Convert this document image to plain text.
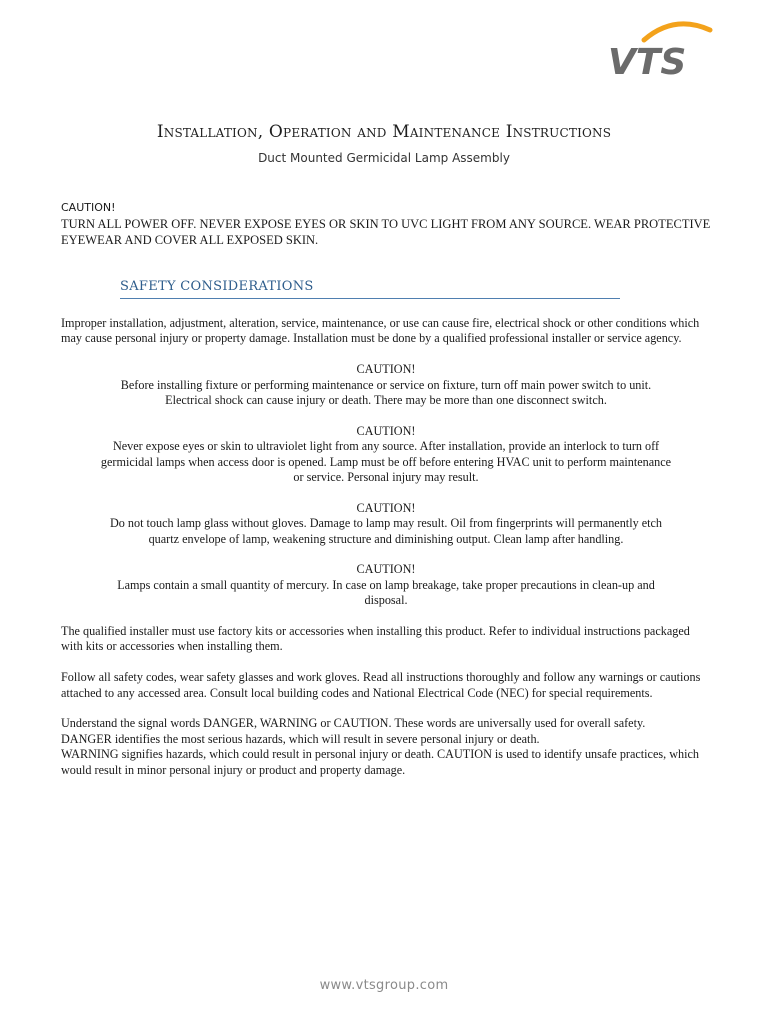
VTS
Installation, Operation and Maintenance Instructions
Duct Mounted Germicidal Lamp Assembly
CAUTION!
TURN ALL POWER OFF. NEVER EXPOSE EYES OR SKIN TO UVC LIGHT FROM ANY SOURCE. WEAR PROTECTIVE
EYEWEAR AND COVER ALL EXPOSED SKIN.
SAFETY CONSIDERATIONS

Improper installation, adjustment, alteration, service, maintenance, or use can cause fire, electrical shock or other conditions which may cause personal injury or property damage. Installation must be done by a qualified professional installer or service agency.

CAUTION!

Before installing fixture or performing maintenance or service on fixture, turn off main power switch to unit.

Electrical shock can cause injury or death. There may be more than one disconnect switch.

CAUTION!

Never expose eyes or skin to ultraviolet light from any source. After installation, provide an interlock to turn off

germicidal lamps when access door is opened. Lamp must be off before entering HVAC unit to perform maintenance

or service. Personal injury may result.

CAUTION!

Do not touch lamp glass without gloves. Damage to lamp may result. Oil from fingerprints will permanently etch

quartz envelope of lamp, weakening structure and diminishing output. Clean lamp after handling.

CAUTION!

Lamps contain a small quantity of mercury. In case on lamp breakage, take proper precautions in clean-up and

disposal.

The qualified installer must use factory kits or accessories when installing this product. Refer to individual instructions packaged with kits or accessories when installing them.

Follow all safety codes, wear safety glasses and work gloves. Read all instructions thoroughly and follow any warnings or cautions attached to any accessed area. Consult local building codes and National Electrical Code (NEC) for special requirements.

Understand the signal words DANGER, WARNING or CAUTION. These words are universally used for overall safety.

DANGER identifies the most serious hazards, which will result in severe personal injury or death.

WARNING signifies hazards, which could result in personal injury or death. CAUTION is used to identify unsafe practices, which would result in minor personal injury or product and property damage.

www.vtsgroup.com
